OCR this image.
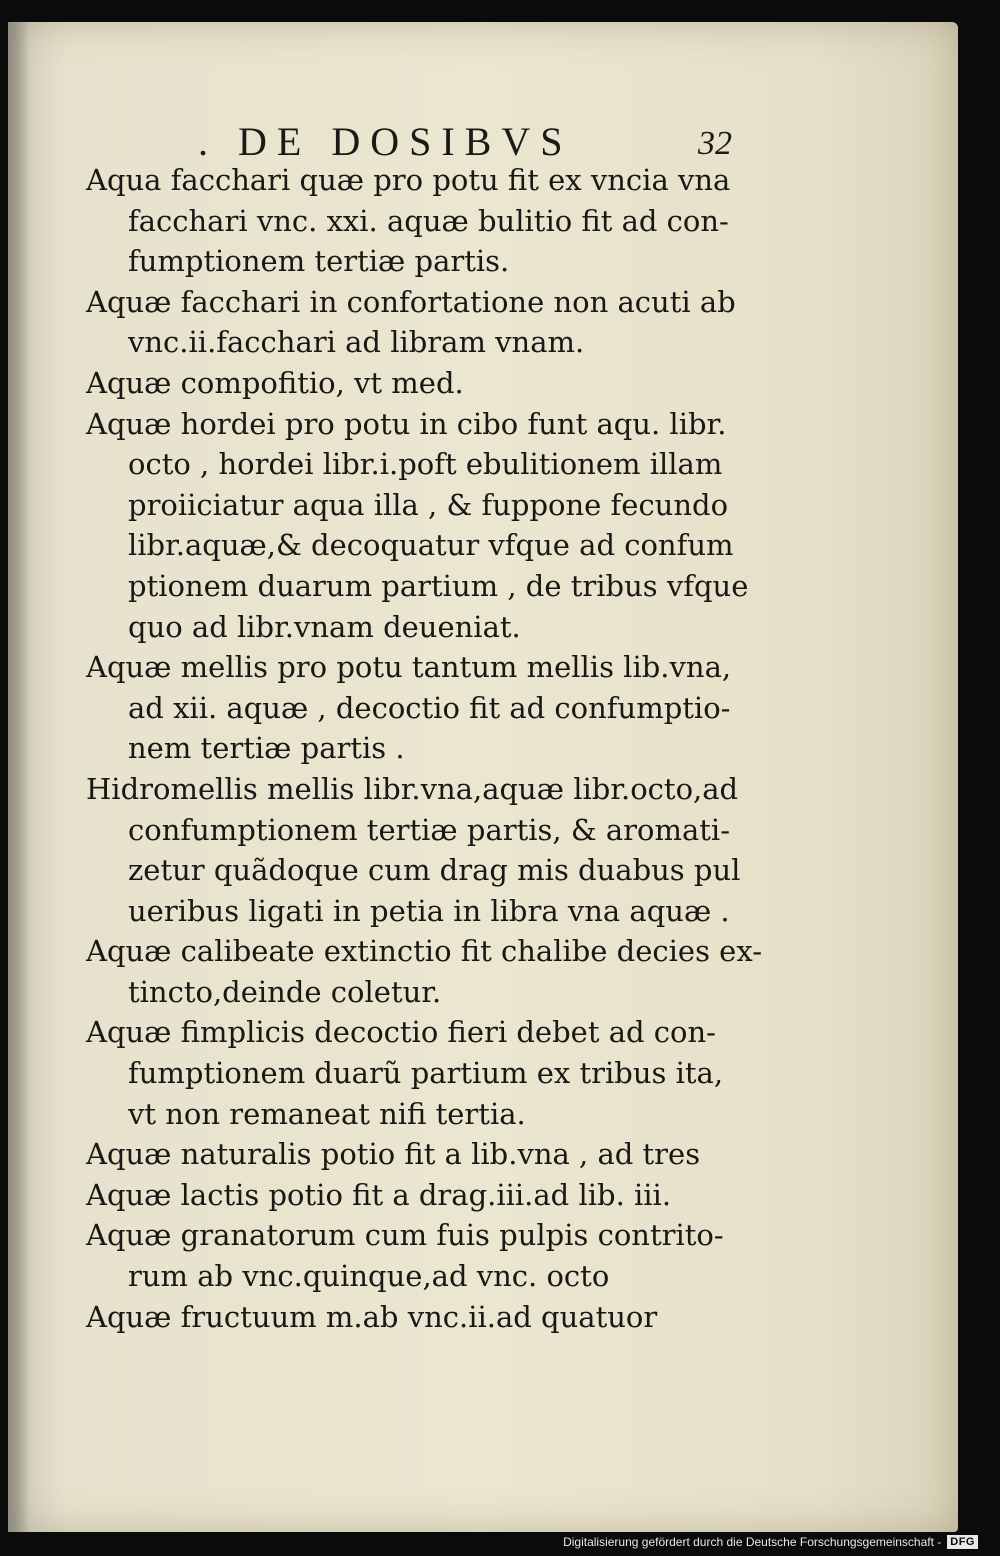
. DE DOSIBVS	32

Aqua facchari quæ pro potu fit ex vncia vna
facchari vnc. xxi. aquæ bulitio fit ad con-
fumptionem tertiæ partis.

Aquæ facchari in confortatione non acuti ab
vnc.ii.facchari ad libram vnam.

Aquæ compofitio, vt med.

Aquæ hordei pro potu in cibo funt aqu. libr.
octo , hordei libr.i.poft ebulitionem illam
proiiciatur aqua illa , & fuppone fecundo
libr.aquæ,& decoquatur vfque ad confum
ptionem duarum partium , de tribus vfque
quo ad libr.vnam deueniat.

Aquæ mellis pro potu tantum mellis lib.vna,
ad xii. aquæ , decoctio fit ad confumptio-
nem tertiæ partis .

Hidromellis mellis libr.vna,aquæ libr.octo,ad
confumptionem tertiæ partis, & aromati-
zetur quãdoque cum drag mis duabus pul
ueribus ligati in petia in libra vna aquæ .

Aquæ calibeate extinctio fit chalibe decies ex-
tincto,deinde coletur.

Aquæ fimplicis decoctio fieri debet ad con-
fumptionem duarũ partium ex tribus ita,
vt non remaneat nifi tertia.

Aquæ naturalis potio fit a lib.vna , ad tres

Aquæ lactis potio fit a drag.iii.ad lib. iii.

Aquæ granatorum cum fuis pulpis contrito-
rum ab vnc.quinque,ad vnc. octo

Aquæ fructuum m.ab vnc.ii.ad quatuor

Digitalisierung gefördert durch die Deutsche Forschungsgemeinschaft - DFG
